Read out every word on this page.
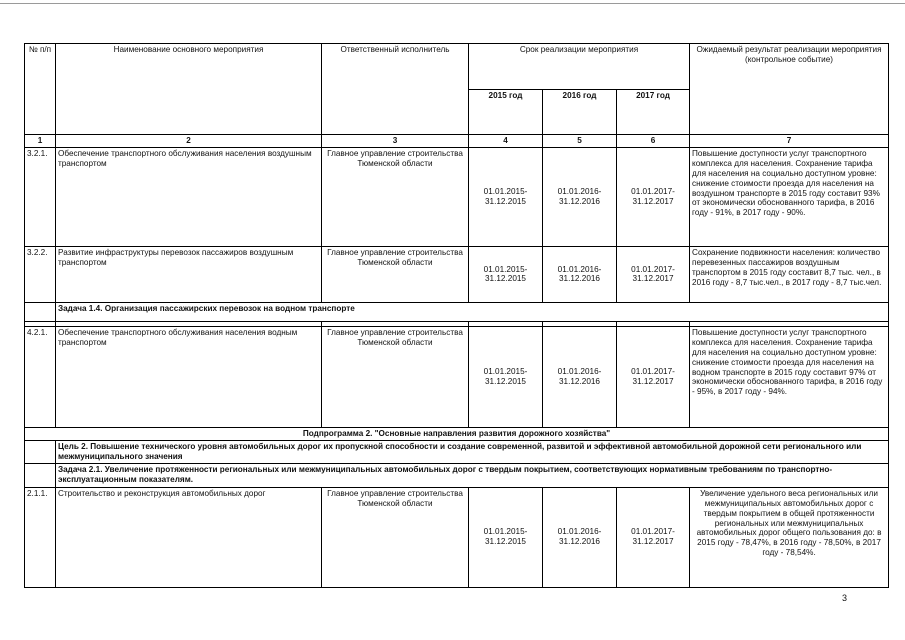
№ п/п	Наименование основного мероприятия	Ответственный исполнитель	Срок реализации мероприятия			Ожидаемый результат реализации мероприятия (контрольное событие)
			2015 год	2016 год	2017 год	
1	2	3	4	5	6	7
3.2.1.	Обеспечение транспортного обслуживания населения воздушным транспортом	Главное управление строительства Тюменской области	01.01.2015-31.12.2015	01.01.2016-31.12.2016	01.01.2017-31.12.2017	Повышение доступности услуг транспортного комплекса для населения. Сохранение тарифа для населения на социально доступном уровне: снижение стоимости проезда для населения на воздушном транспорте в 2015 году составит 93% от экономически обоснованного тарифа, в 2016 году - 91%, в 2017 году - 90%.
3.2.2.	Развитие инфраструктуры перевозок пассажиров воздушным транспортом	Главное управление строительства Тюменской области	01.01.2015-31.12.2015	01.01.2016-31.12.2016	01.01.2017-31.12.2017	Сохранение подвижности населения: количество перевезенных пассажиров воздушным транспортом в 2015 году составит 8,7 тыс. чел., в 2016 году - 8,7 тыс.чел., в 2017 году - 8,7 тыс.чел.
	Задача 1.4. Организация пассажирских перевозок на водном транспорте					

4.2.1.	Обеспечение транспортного обслуживания населения водным транспортом	Главное управление строительства Тюменской области	01.01.2015-31.12.2015	01.01.2016-31.12.2016	01.01.2017-31.12.2017	Повышение доступности услуг транспортного комплекса для населения. Сохранение тарифа для населения на социально доступном уровне: снижение стоимости проезда для населения на водном транспорте в 2015 году составит 97% от экономически обоснованного тарифа, в 2016 году - 95%, в 2017 году - 94%.
Подпрограмма 2. "Основные направления развития дорожного хозяйства"						
	Цель 2. Повышение технического уровня автомобильных дорог их пропускной способности и создание современной, развитой и эффективной автомобильной дорожной сети регионального или межмуниципального значения					
	Задача 2.1. Увеличение протяженности региональных или межмуниципальных автомобильных дорог с твердым покрытием, соответствующих нормативным требованиям по транспортно-эксплуатационным показателям.					
2.1.1.	Строительство и реконструкция автомобильных дорог	Главное управление строительства Тюменской области	01.01.2015-31.12.2015	01.01.2016-31.12.2016	01.01.2017-31.12.2017	Увеличение удельного веса региональных или межмуниципальных автомобильных дорог с твердым покрытием в общей протяженности региональных или межмуниципальных автомобильных дорог общего пользования до: в 2015 году - 78,47%, в 2016 году - 78,50%, в 2017 году - 78,54%.
3
